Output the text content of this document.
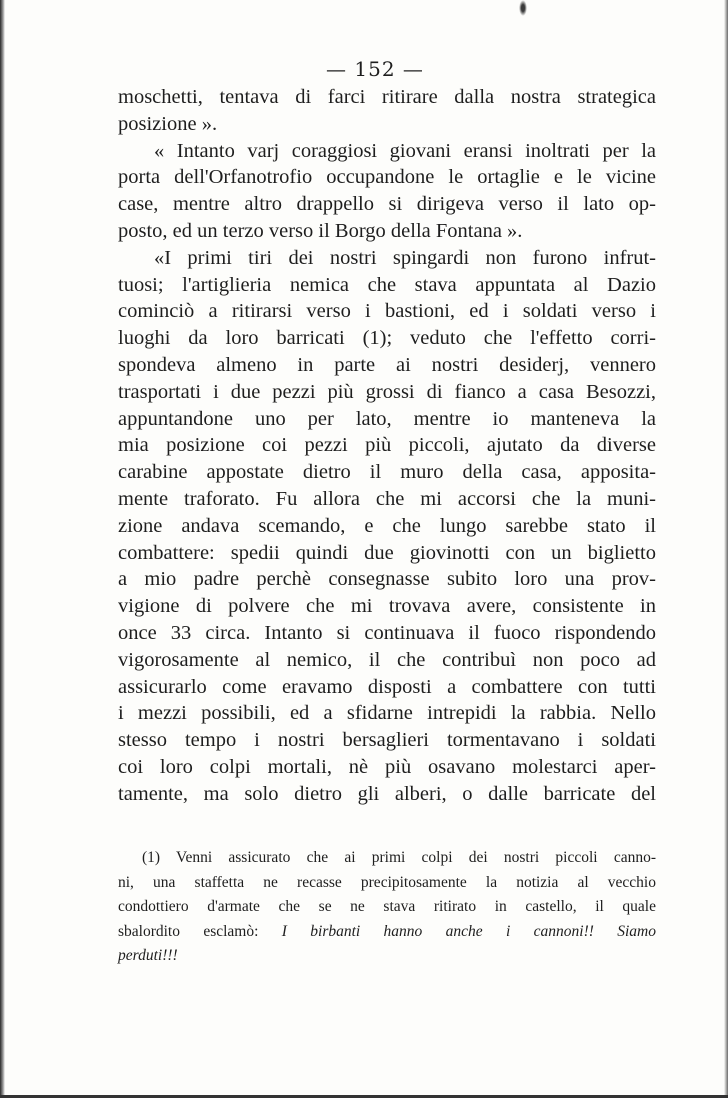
— 152 —
moschetti, tentava di farci ritirare dalla nostra strategica
posizione ».
« Intanto varj coraggiosi giovani eransi inoltrati per la
porta dell'Orfanotrofio occupandone le ortaglie e le vicine
case, mentre altro drappello si dirigeva verso il lato op-
posto, ed un terzo verso il Borgo della Fontana ».
«I primi tiri dei nostri spingardi non furono infrut-
tuosi; l'artiglieria nemica che stava appuntata al Dazio
cominciò a ritirarsi verso i bastioni, ed i soldati verso i
luoghi da loro barricati (1); veduto che l'effetto corri-
spondeva almeno in parte ai nostri desiderj, vennero
trasportati i due pezzi più grossi di fianco a casa Besozzi,
appuntandone uno per lato, mentre io manteneva la
mia posizione coi pezzi più piccoli, ajutato da diverse
carabine appostate dietro il muro della casa, apposita-
mente traforato. Fu allora che mi accorsi che la muni-
zione andava scemando, e che lungo sarebbe stato il
combattere: spedii quindi due giovinotti con un biglietto
a mio padre perchè consegnasse subito loro una prov-
vigione di polvere che mi trovava avere, consistente in
once 33 circa. Intanto si continuava il fuoco rispondendo
vigorosamente al nemico, il che contribuì non poco ad
assicurarlo come eravamo disposti a combattere con tutti
i mezzi possibili, ed a sfidarne intrepidi la rabbia. Nello
stesso tempo i nostri bersaglieri tormentavano i soldati
coi loro colpi mortali, nè più osavano molestarci aper-
tamente, ma solo dietro gli alberi, o dalle barricate del
(1) Venni assicurato che ai primi colpi dei nostri piccoli canno-
ni, una staffetta ne recasse precipitosamente la notizia al vecchio
condottiero d'armate che se ne stava ritirato in castello, il quale
sbalordito esclamò: I birbanti hanno anche i cannoni!! Siamo
perduti!!!
